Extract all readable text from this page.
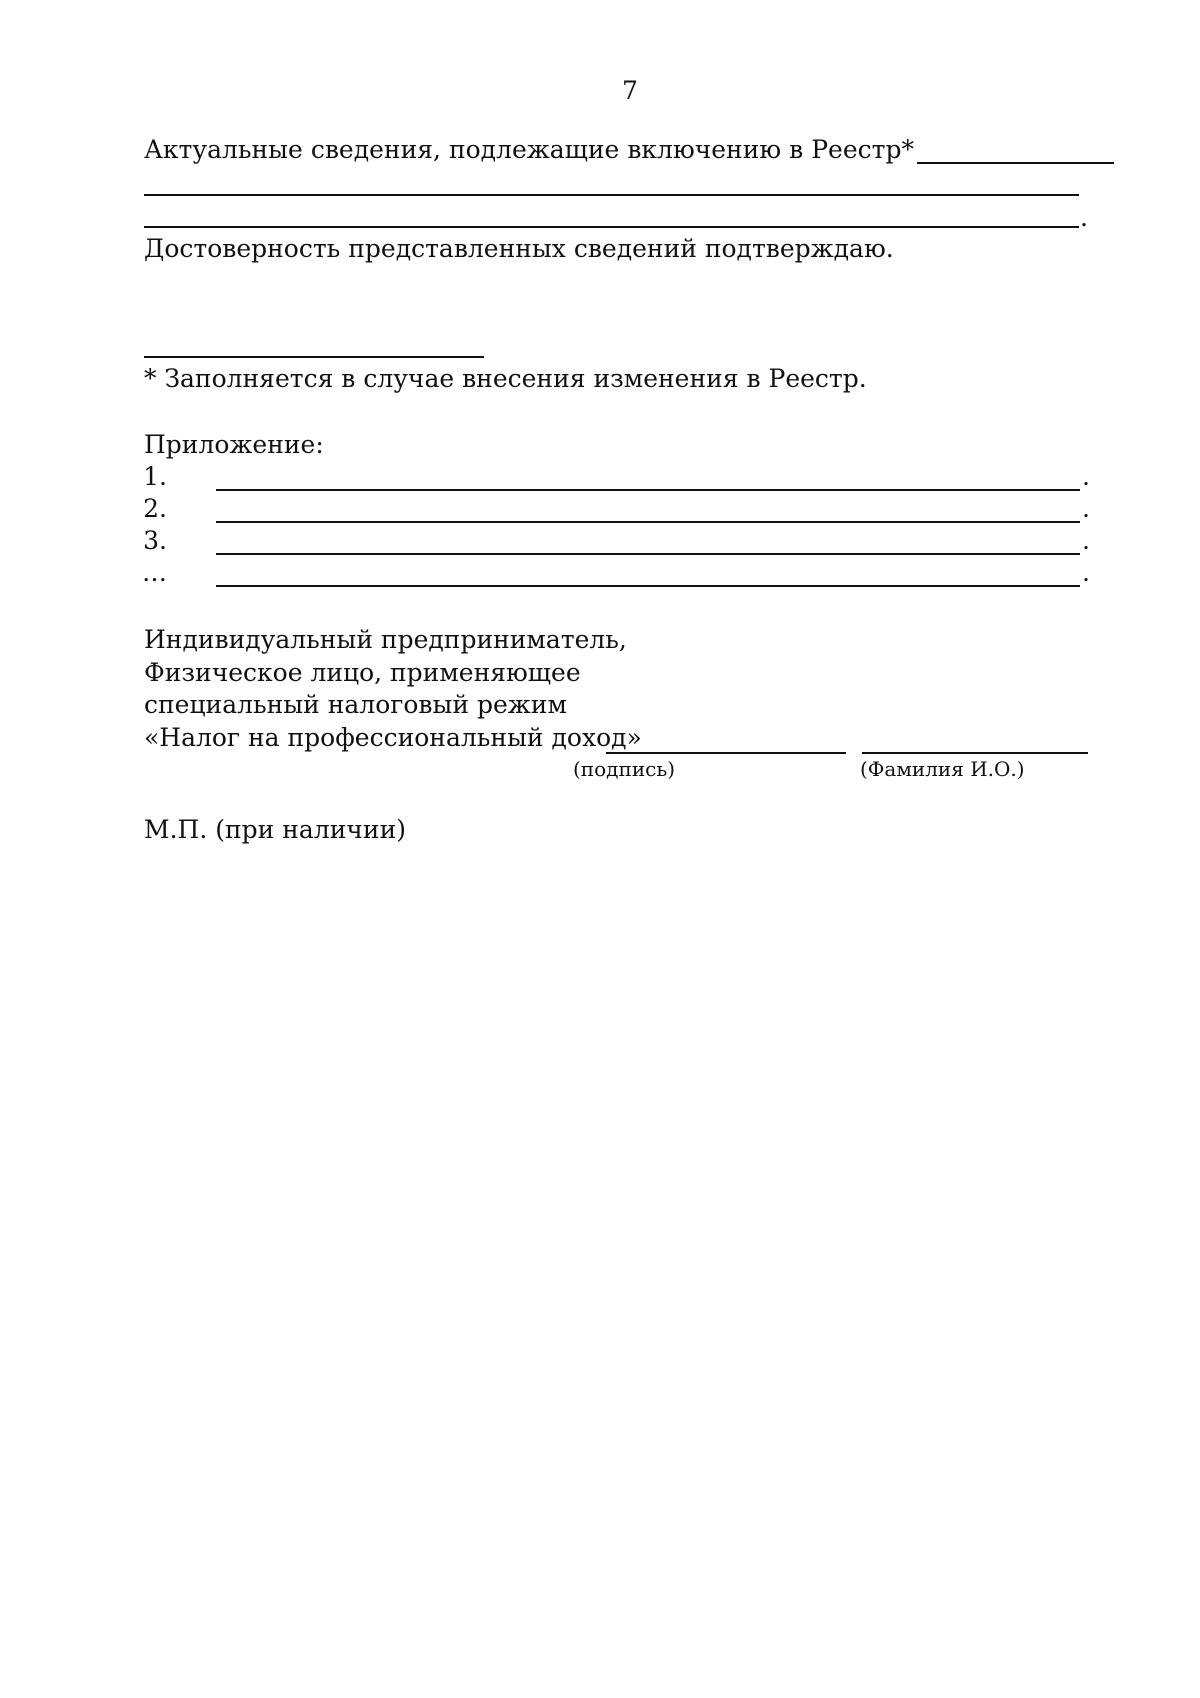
7
Актуальные сведения, подлежащие включению в Реестр*
.
Достоверность представленных сведений подтверждаю.
* Заполняется в случае внесения изменения в Реестр.
Приложение:
1.	.
2.	.
3.	.
…	.
Индивидуальный предприниматель,
Физическое лицо, применяющее
специальный налоговый режим
«Налог на профессиональный доход»
(подпись)	(Фамилия И.О.)
М.П. (при наличии)
